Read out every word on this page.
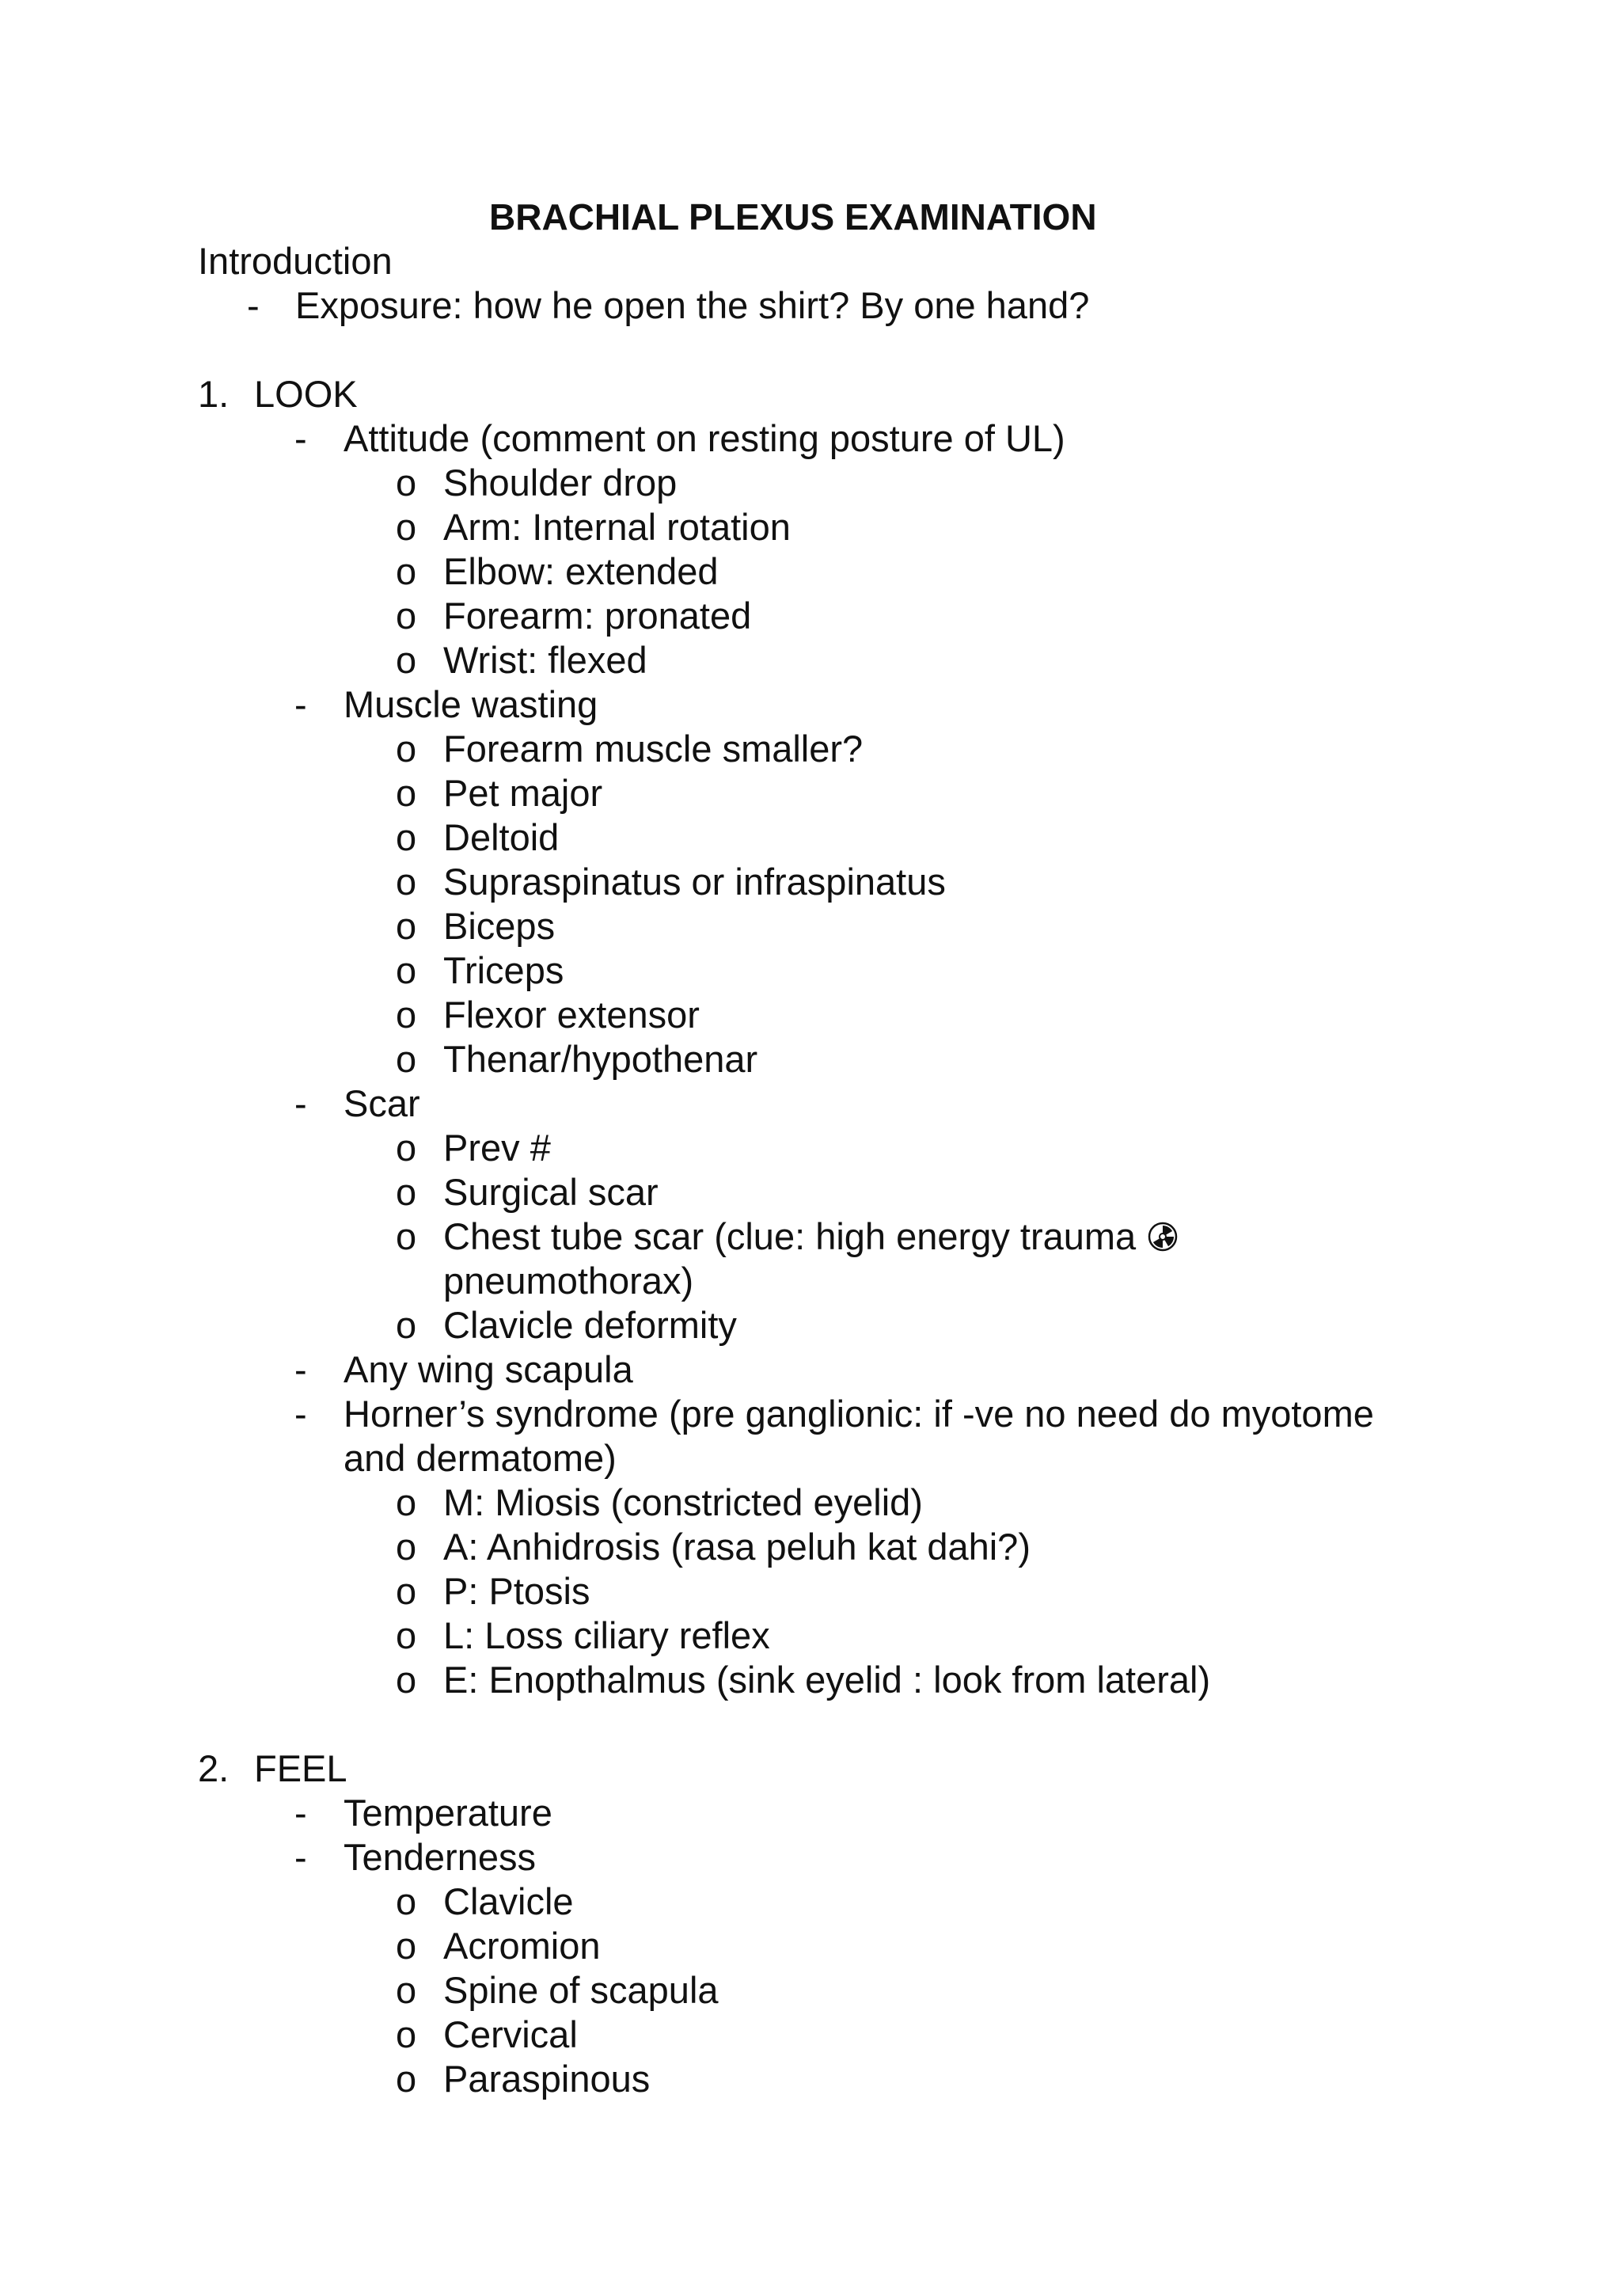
BRACHIAL PLEXUS EXAMINATION
Introduction
- Exposure: how he open the shirt? By one hand?
1. LOOK
- Attitude (comment on resting posture of UL)
o Shoulder drop
o Arm: Internal rotation
o Elbow: extended
o Forearm: pronated
o Wrist: flexed
- Muscle wasting
o Forearm muscle smaller?
o Pet major
o Deltoid
o Supraspinatus or infraspinatus
o Biceps
o Triceps
o Flexor extensor
o Thenar/hypothenar
- Scar
o Prev #
o Surgical scar
o Chest tube scar (clue: high energy trauma
pneumothorax)
o Clavicle deformity
- Any wing scapula
- Horner’s syndrome (pre ganglionic: if -ve no need do myotome
and dermatome)
o M: Miosis (constricted eyelid)
o A: Anhidrosis (rasa peluh kat dahi?)
o P: Ptosis
o L: Loss ciliary reflex
o E: Enopthalmus (sink eyelid : look from lateral)
2. FEEL
- Temperature
- Tenderness
o Clavicle
o Acromion
o Spine of scapula
o Cervical
o Paraspinous
